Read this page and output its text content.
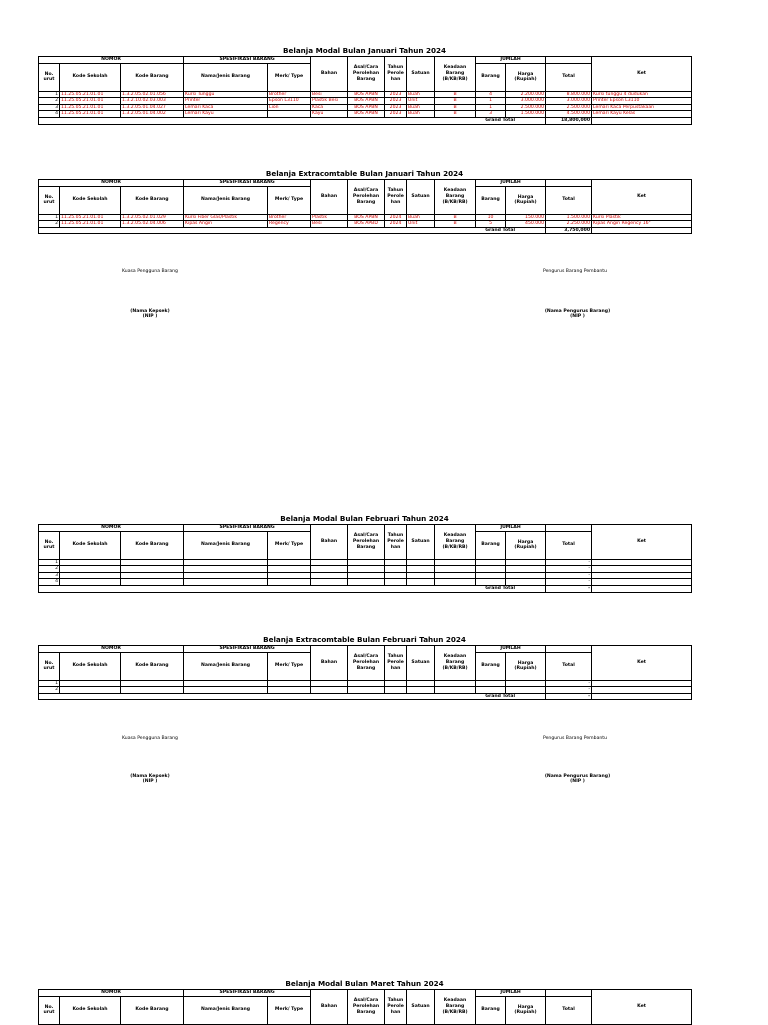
Belanja Modal Bulan Januari Tahun 2024
NOMOR			SPESIFIKASI BARANG		Bahan	Asal/Cara Perolehan Barang	Tahun Perole han	Satuan	Keadaan Barang (B/KB/RB)	JUMLAH			Ket
No. urut	Kode Sekolah	Kode Barang	Nama/Jenis Barang	Merk/ Type						Barang	Harga (Rupiah)	Total	
1	11.25.05.21.01.01	1.3.2.05.02.01.056	Kursi Tunggu	Brother	Besi	BOS APBN	2023	Buah	B	4	2.200.000	8.800.000	Kursi tunggu 4 dudukan
2	11.25.05.21.01.01	1.3.2.10.02.03.003	Printer	Epson L3110	Plastik Besi	BOS APBN	2023	Unit	B	1	3.000.000	3.000.000	Printer Epson L3110
3	11.25.05.21.01.01	1.3.2.05.01.04.027	Lemari Kaca	Lion	Kaca	BOS APBN	2023	Buah	B	1	2.500.000	2.500.000	Lemari Kaca Perpustakaan
4	11.25.05.21.01.01	1.3.2.05.01.04.002	Lemari Kayu		Kayu	BOS APBN	2023	Buah	B	3	1.500.000	4.500.000	Lemari Kayu Kelas
Grand Total												18,800,000	
Belanja Extracomtable Bulan Januari Tahun 2024
NOMOR			SPESIFIKASI BARANG		Bahan	Asal/Cara Perolehan Barang	Tahun Perole han	Satuan	Keadaan Barang (B/KB/RB)	JUMLAH			Ket
No. urut	Kode Sekolah	Kode Barang	Nama/Jenis Barang	Merk/ Type						Barang	Harga (Rupiah)	Total	
1	11.25.05.21.01.01	1.3.2.05.02.01.029	Kursi Fiber Glas/Plastik	Brother	Plastik	BOS APBN	2024	Buah	B	10	150.000	1.500.000	Kursi Plastik
2	11.25.05.21.01.01	1.3.2.05.02.04.006	Kipas Angin	Regency	Besi	BOS APBD	2024	Unit	B	5	450.000	2.250.000	Kipas Angin Regency 16"
Grand Total												3,750,000	
Belanja Modal Bulan Februari Tahun 2024
NOMOR			SPESIFIKASI BARANG		Bahan	Asal/Cara Perolehan Barang	Tahun Perole han	Satuan	Keadaan Barang (B/KB/RB)	JUMLAH			Ket
No. urut	Kode Sekolah	Kode Barang	Nama/Jenis Barang	Merk/ Type						Barang	Harga (Rupiah)	Total	
1												-	
2												-	
3												-	
4												-	
Grand Total												-	
Belanja Extracomtable Bulan Februari Tahun 2024
NOMOR			SPESIFIKASI BARANG		Bahan	Asal/Cara Perolehan Barang	Tahun Perole han	Satuan	Keadaan Barang (B/KB/RB)	JUMLAH			Ket
No. urut	Kode Sekolah	Kode Barang	Nama/Jenis Barang	Merk/ Type						Barang	Harga (Rupiah)	Total	
1												-	
2												-	
Grand Total												-	
Belanja Modal Bulan Maret Tahun 2024
NOMOR			SPESIFIKASI BARANG		Bahan	Asal/Cara Perolehan Barang	Tahun Perole han	Satuan	Keadaan Barang (B/KB/RB)	JUMLAH			Ket
No. urut	Kode Sekolah	Kode Barang	Nama/Jenis Barang	Merk/ Type						Barang	Harga (Rupiah)	Total	
Kuasa Pengguna Barang
(Nama Kepsek)
(NIP )
Pengurus Barang Pembantu
(Nama Pengurus Barang)
(NIP )
Kuasa Pengguna Barang
(Nama Kepsek)
(NIP )
Pengurus Barang Pembantu
(Nama Pengurus Barang)
(NIP )
